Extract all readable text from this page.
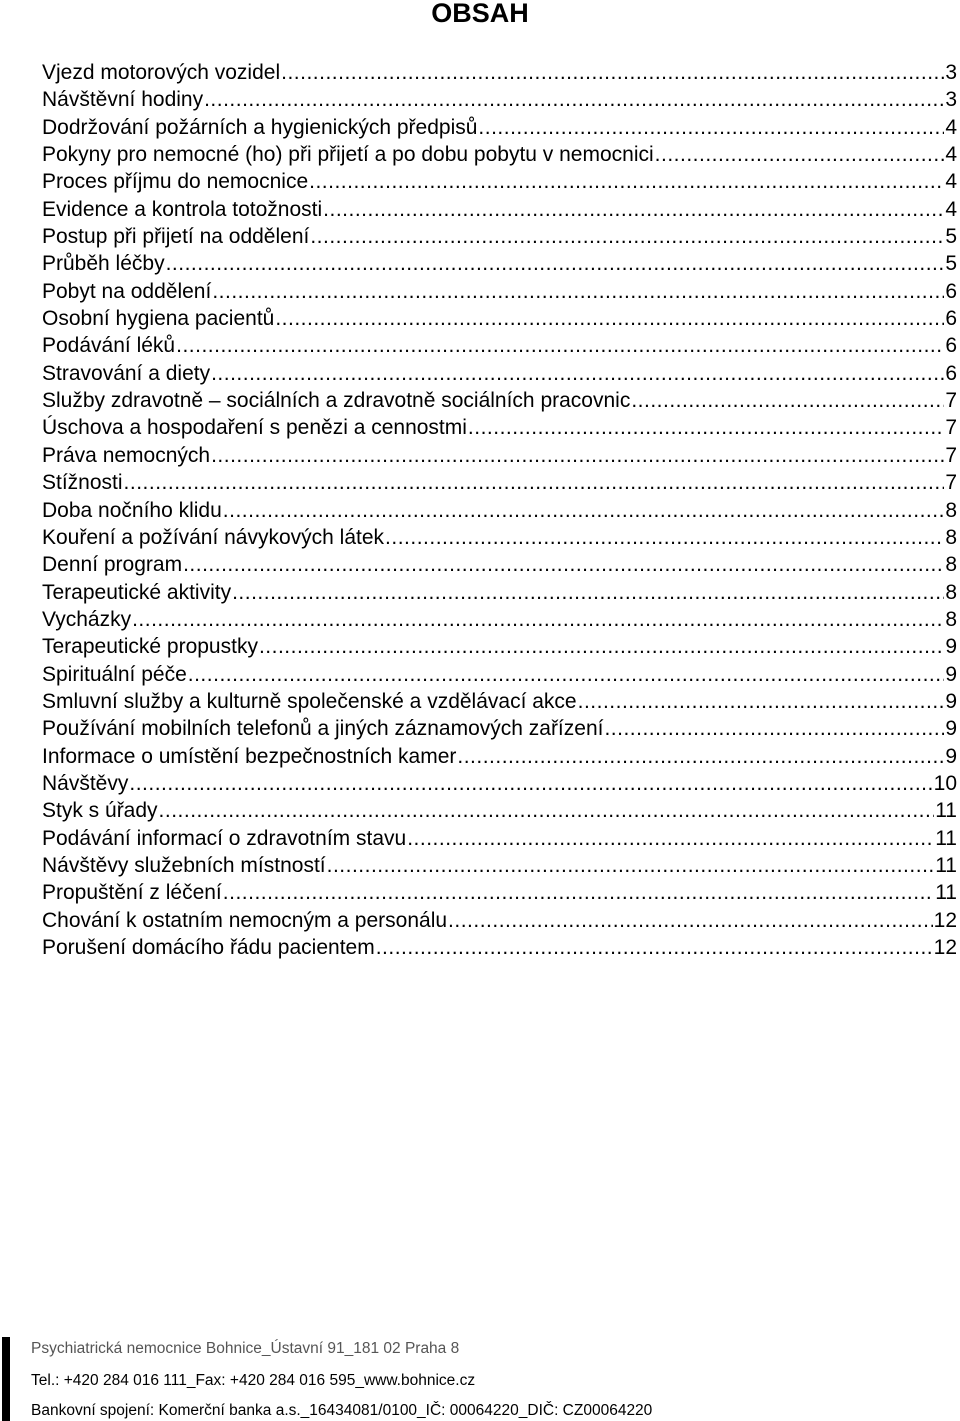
OBSAH
Vjezd motorových vozidel .....	3
Návštěvní hodiny .....	3
Dodržování požárních a hygienických předpisů .....	4
Pokyny pro nemocné (ho) při přijetí a po dobu pobytu v nemocnici .....	4
Proces příjmu do nemocnice .....	4
Evidence a kontrola totožnosti .....	4
Postup při přijetí na oddělení .....	5
Průběh léčby .....	5
Pobyt na oddělení .....	6
Osobní hygiena pacientů .....	6
Podávání léků .....	6
Stravování a diety .....	6
Služby zdravotně – sociálních a zdravotně sociálních pracovnic .....	7
Úschova a hospodaření s penězi a cennostmi .....	7
Práva nemocných .....	7
Stížnosti .....	7
Doba nočního klidu .....	8
Kouření a požívání návykových látek .....	8
Denní program .....	8
Terapeutické aktivity .....	8
Vycházky .....	8
Terapeutické propustky .....	9
Spirituální péče .....	9
Smluvní služby a kulturně společenské a vzdělávací akce .....	9
Používání mobilních telefonů a jiných záznamových zařízení .....	9
Informace o umístění bezpečnostních kamer .....	9
Návštěvy .....	10
Styk s úřady .....	11
Podávání informací o zdravotním stavu .....	11
Návštěvy služebních místností .....	11
Propuštění z léčení .....	11
Chování k ostatním nemocným a personálu .....	12
Porušení domácího řádu pacientem .....	12
Psychiatrická nemocnice Bohnice_Ústavní 91_181 02 Praha 8
Tel.: +420 284 016 111_Fax: +420 284 016 595_www.bohnice.cz
Bankovní spojení: Komerční banka a.s._16434081/0100_IČ: 00064220_DIČ: CZ00064220
